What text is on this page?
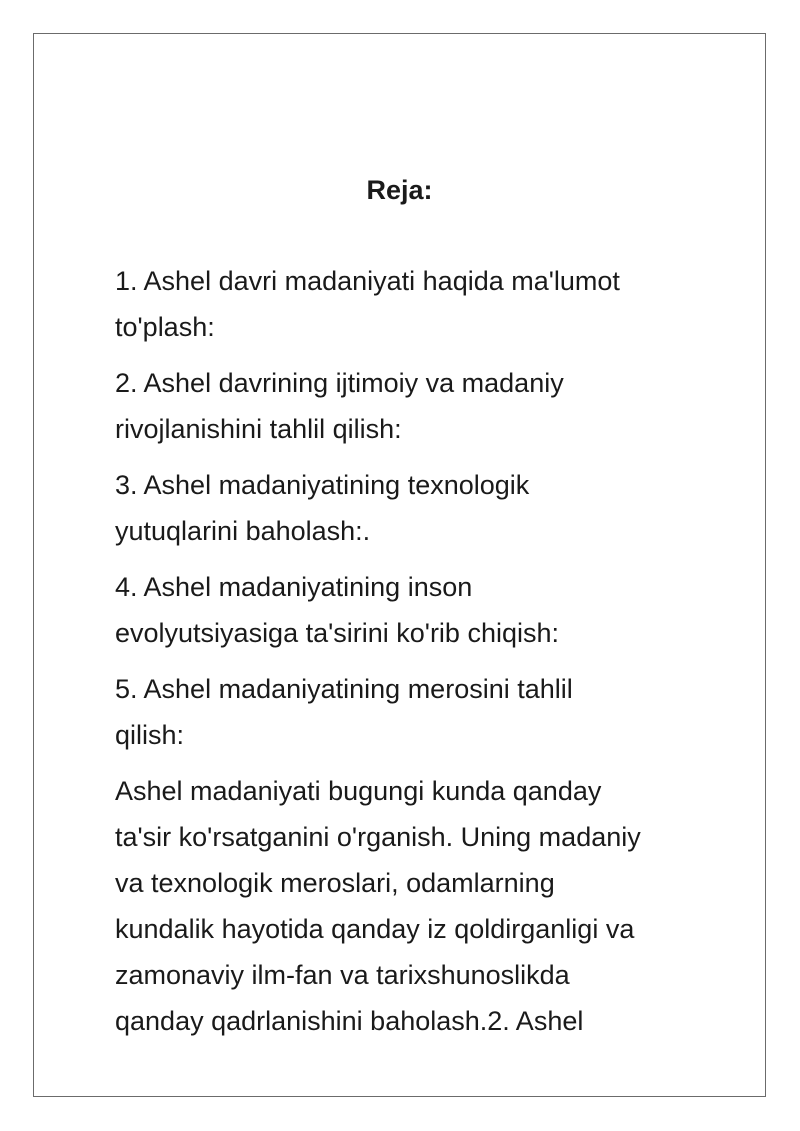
Reja:
1. Ashel davri madaniyati haqida ma'lumot
to'plash:
2. Ashel davrining ijtimoiy va madaniy
rivojlanishini tahlil qilish:
3. Ashel madaniyatining texnologik
yutuqlarini baholash:.
4. Ashel madaniyatining inson
evolyutsiyasiga ta'sirini ko'rib chiqish:
5. Ashel madaniyatining merosini tahlil
qilish:
Ashel madaniyati bugungi kunda qanday
ta'sir ko'rsatganini o'rganish. Uning madaniy
va texnologik meroslari, odamlarning
kundalik hayotida qanday iz qoldirganligi va
zamonaviy ilm-fan va tarixshunoslikda
qanday qadrlanishini baholash.2. Ashel
